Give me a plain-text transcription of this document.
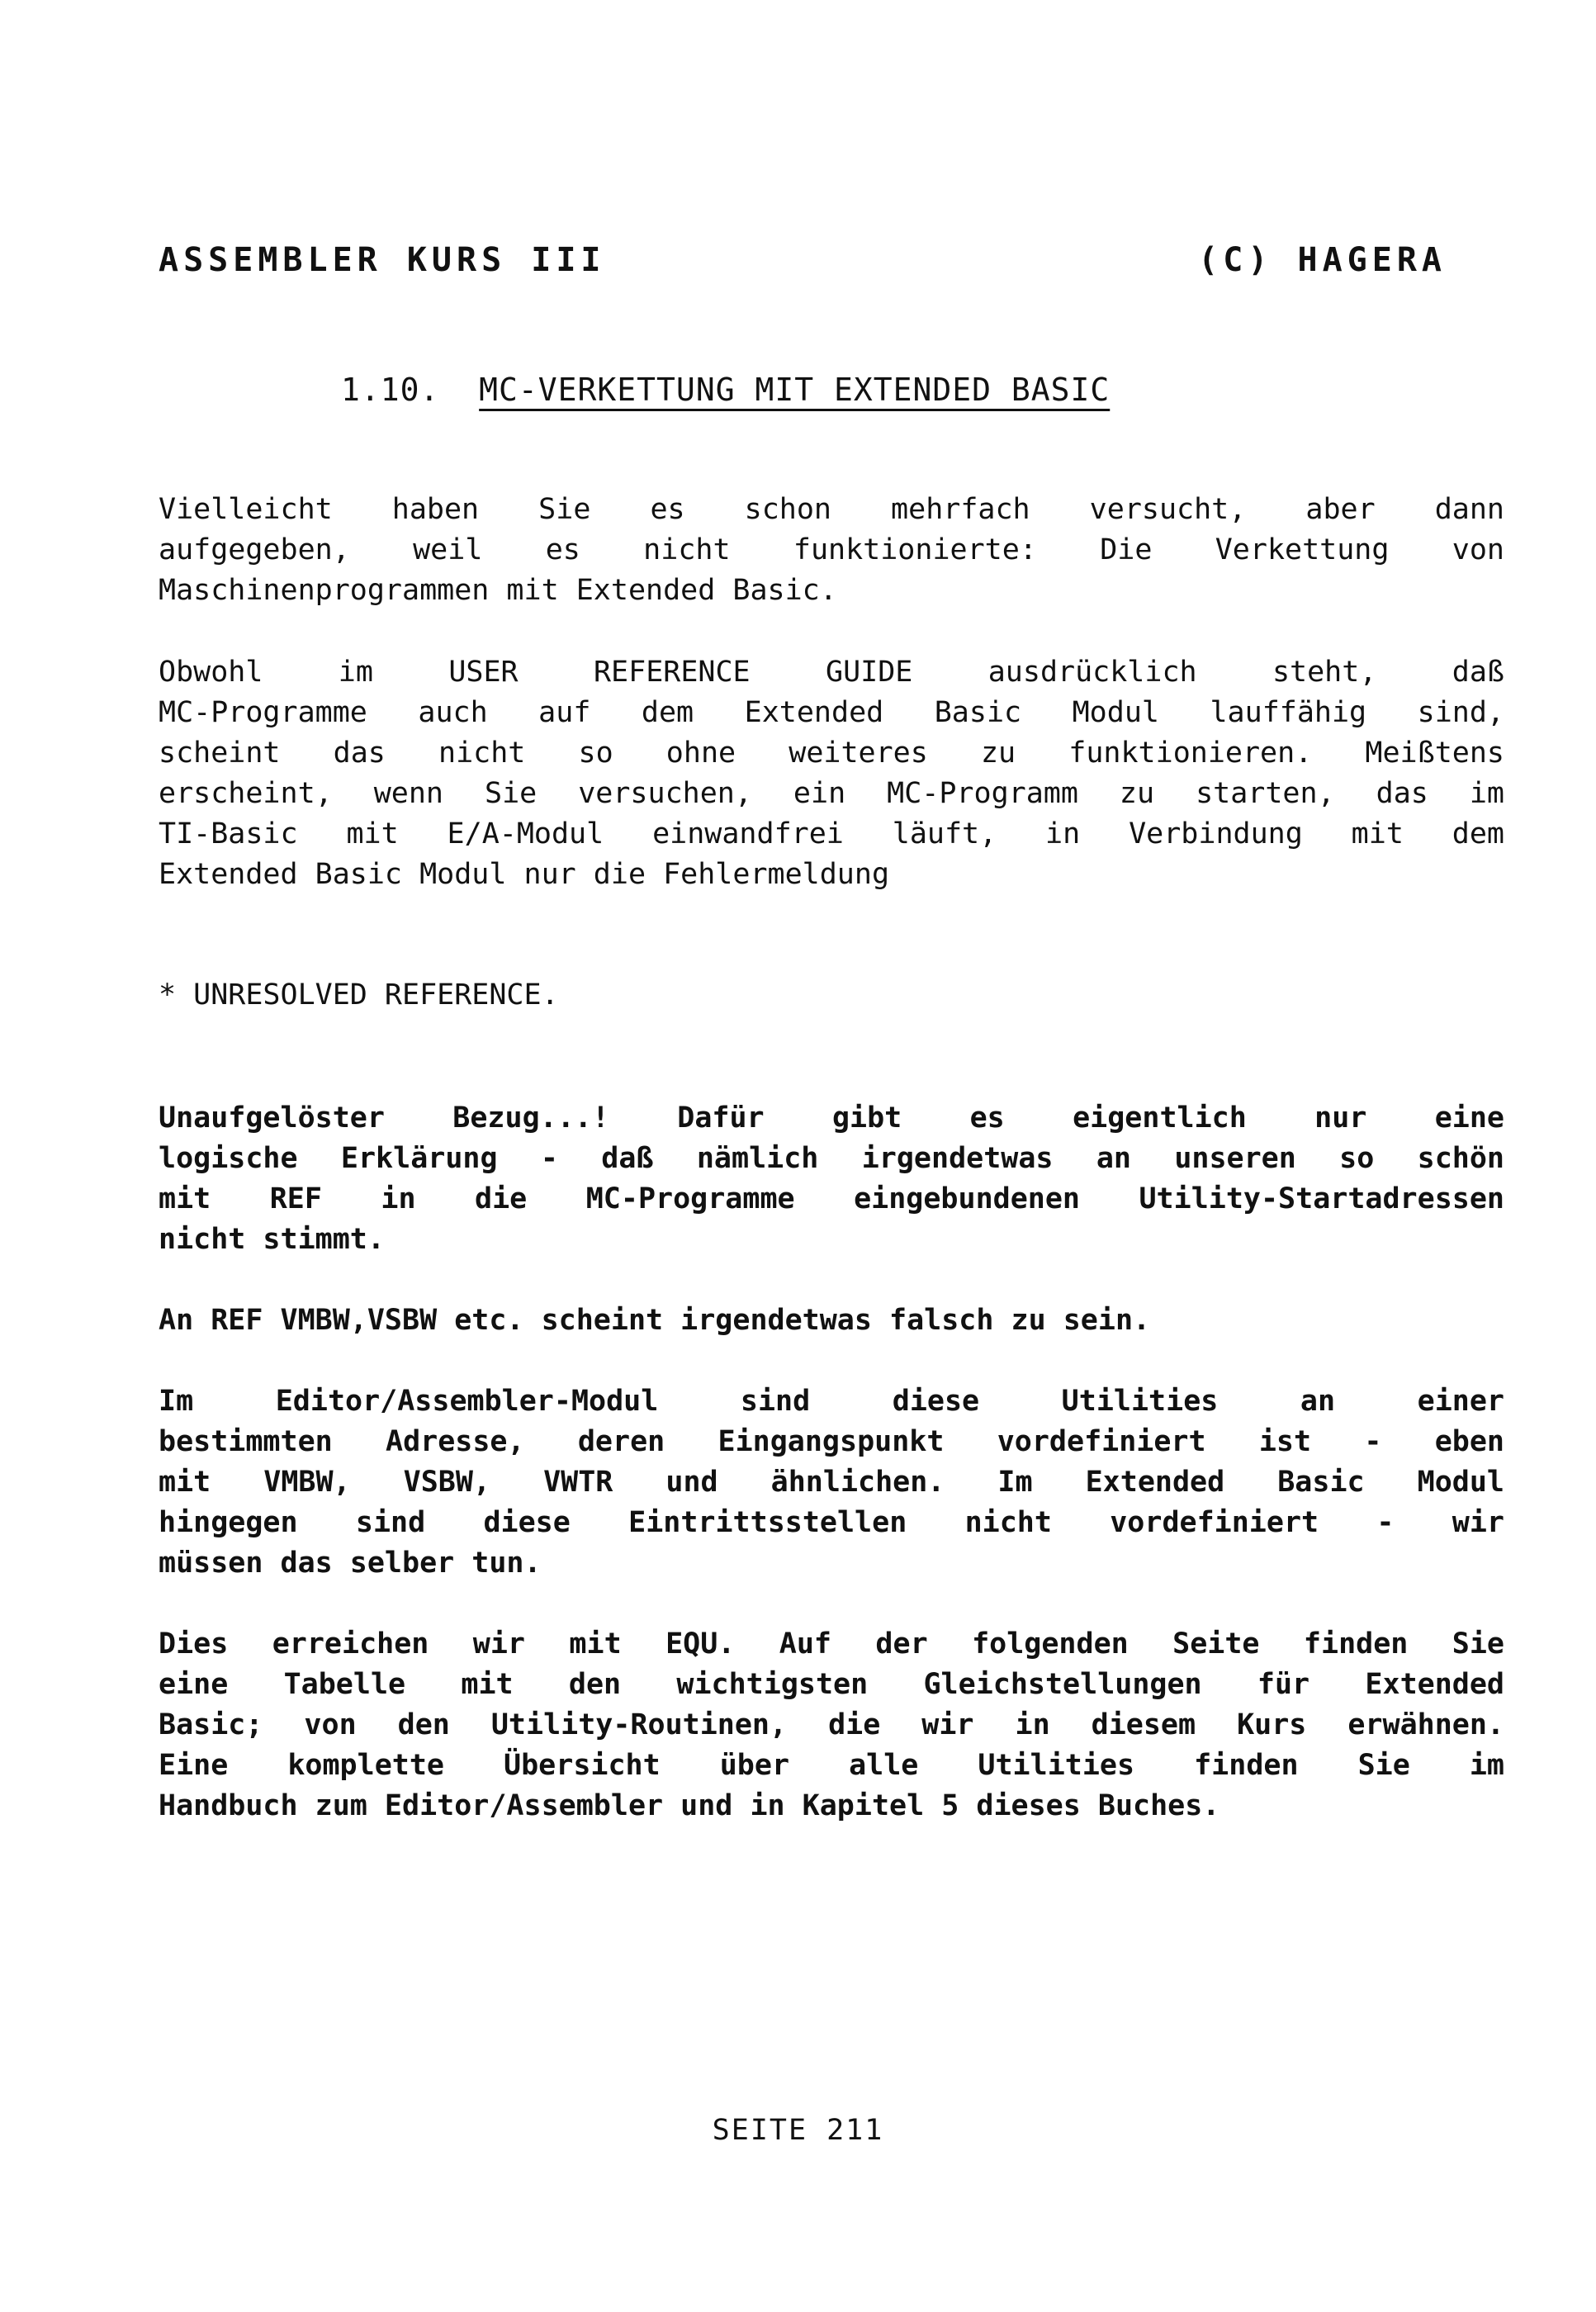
ASSEMBLER KURS III	(C) HAGERA
1.10. MC-VERKETTUNG MIT EXTENDED BASIC
Vielleicht haben Sie es schon mehrfach versucht, aber dann
aufgegeben, weil es nicht funktionierte: Die Verkettung von
Maschinenprogrammen mit Extended Basic.
Obwohl im USER REFERENCE GUIDE ausdrücklich steht, daß
MC-Programme auch auf dem Extended Basic Modul lauffähig sind,
scheint das nicht so ohne weiteres zu funktionieren. Meißtens
erscheint, wenn Sie versuchen, ein MC-Programm zu starten, das im
TI-Basic mit E/A-Modul einwandfrei läuft, in Verbindung mit dem
Extended Basic Modul nur die Fehlermeldung
* UNRESOLVED REFERENCE.
Unaufgelöster Bezug...! Dafür gibt es eigentlich nur eine
logische Erklärung - daß nämlich irgendetwas an unseren so schön
mit REF in die MC-Programme eingebundenen Utility-Startadressen
nicht stimmt.
An REF VMBW,VSBW etc. scheint irgendetwas falsch zu sein.
Im Editor/Assembler-Modul sind diese Utilities an einer
bestimmten Adresse, deren Eingangspunkt vordefiniert ist - eben
mit VMBW, VSBW, VWTR und ähnlichen. Im Extended Basic Modul
hingegen sind diese Eintrittsstellen nicht vordefiniert - wir
müssen das selber tun.
Dies erreichen wir mit EQU. Auf der folgenden Seite finden Sie
eine Tabelle mit den wichtigsten Gleichstellungen für Extended
Basic; von den Utility-Routinen, die wir in diesem Kurs erwähnen.
Eine komplette Übersicht über alle Utilities finden Sie im
Handbuch zum Editor/Assembler und in Kapitel 5 dieses Buches.
SEITE 211
